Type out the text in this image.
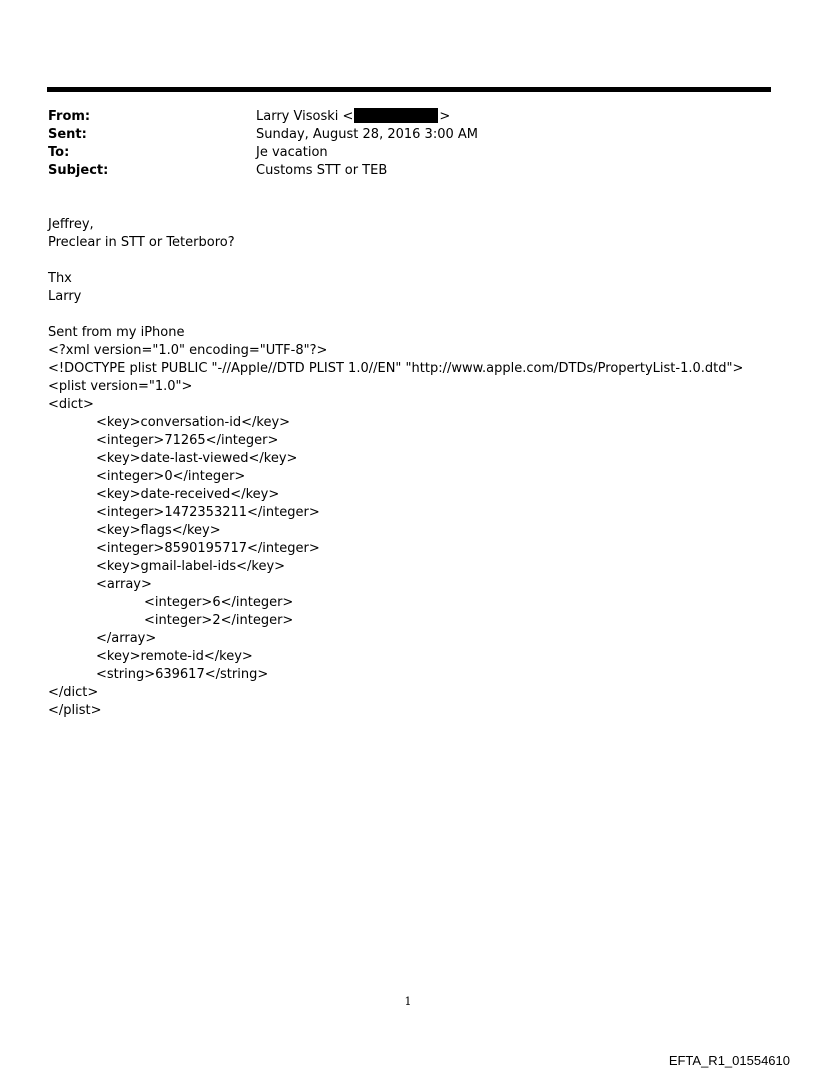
From:	Larry Visoski <	>
Sent:	Sunday, August 28, 2016 3:00 AM
To:	Je vacation
Subject:	Customs STT or TEB
Jeffrey,
Preclear in STT or Teterboro?
Thx
Larry
Sent from my iPhone
<?xml version="1.0" encoding="UTF-8"?>
<!DOCTYPE plist PUBLIC "-//Apple//DTD PLIST 1.0//EN" "http://www.apple.com/DTDs/PropertyList-1.0.dtd">
<plist version="1.0">
<dict>
<key>conversation-id</key>
<integer>71265</integer>
<key>date-last-viewed</key>
<integer>0</integer>
<key>date-received</key>
<integer>1472353211</integer>
<key>flags</key>
<integer>8590195717</integer>
<key>gmail-label-ids</key>
<array>
<integer>6</integer>
<integer>2</integer>
</array>
<key>remote-id</key>
<string>639617</string>
</dict>
</plist>
1
EFTA_R1_01554610
